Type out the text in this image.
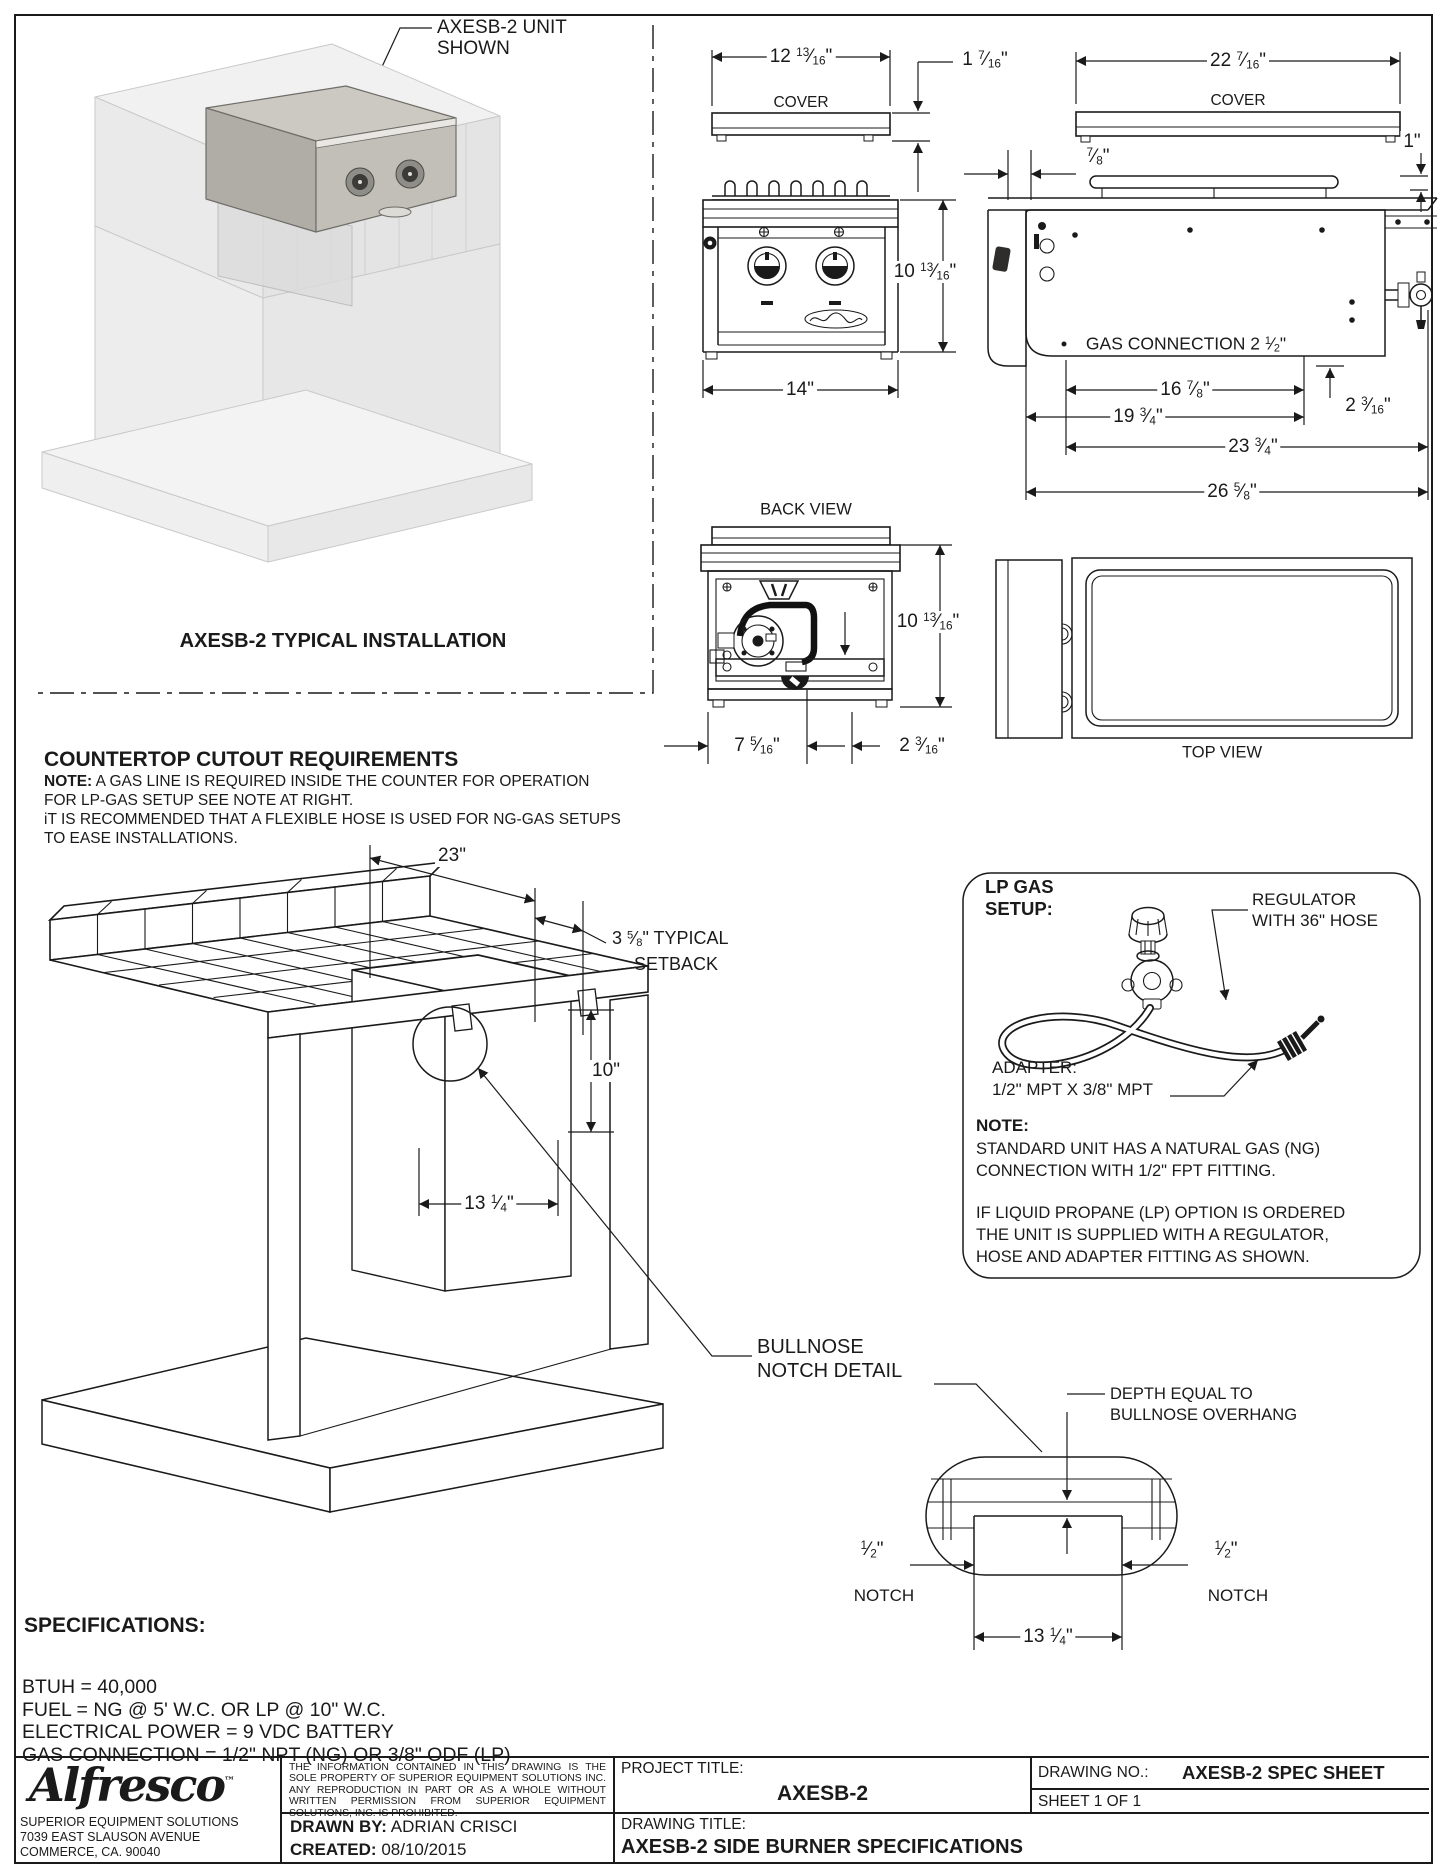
AXESB-2 UNIT
SHOWN
AXESB-2 TYPICAL INSTALLATION
12 $^{13}⁄_{16}$"
COVER
1 $^7⁄_{16}$"
10 $^{13}⁄_{16}$"
14"
22 $^7⁄_{16}$"
COVER
$^7⁄_8$"
1"
GAS CONNECTION 2 $^1⁄_2$"
16 $^7⁄_8$"
19 $^3⁄_4$"
23 $^3⁄_4$"
26 $^5⁄_8$"
2 $^3⁄_{16}$"
BACK VIEW
10 $^{13}⁄_{16}$"
7 $^5⁄_{16}$"	2 $^3⁄_{16}$"	TOP VIEW
COUNTERTOP CUTOUT REQUIREMENTS
NOTE: A GAS LINE IS REQUIRED INSIDE THE COUNTER FOR OPERATION
FOR LP-GAS SETUP SEE NOTE AT RIGHT.
iT IS RECOMMENDED THAT A FLEXIBLE HOSE IS USED FOR NG-GAS SETUPS
TO EASE INSTALLATIONS.
23"
3 $^5⁄_8$" TYPICAL
SETBACK
10"
13 $^1⁄_4$"
BULLNOSE
NOTCH DETAIL
LP GAS
SETUP:	REGULATOR
WITH 36" HOSE
ADAPTER:
1/2" MPT X 3/8" MPT
NOTE:
STANDARD UNIT HAS A NATURAL GAS (NG)
CONNECTION WITH 1/2" FPT FITTING.
IF LIQUID PROPANE (LP) OPTION IS ORDERED
THE UNIT IS SUPPLIED WITH A REGULATOR,
HOSE AND ADAPTER FITTING AS SHOWN.
DEPTH EQUAL TO
BULLNOSE OVERHANG
$^1⁄_2$"
NOTCH
$^1⁄_2$"
NOTCH
13 $^1⁄_4$"
SPECIFICATIONS:
BTUH = 40,000
FUEL = NG @ 5' W.C. OR LP @ 10" W.C.
ELECTRICAL POWER = 9 VDC BATTERY
GAS CONNECTION = 1/2" NPT (NG) OR 3/8" ODF (LP)
Alfresco™
SUPERIOR EQUIPMENT SOLUTIONS
7039 EAST SLAUSON AVENUE
COMMERCE, CA. 90040
THE INFORMATION CONTAINED IN THIS DRAWING IS THE SOLE PROPERTY OF SUPERIOR EQUIPMENT SOLUTIONS INC. ANY REPRODUCTION IN PART OR AS A WHOLE WITHOUT WRITTEN PERMISSION FROM SUPERIOR EQUIPMENT SOLUTIONS, INC. IS PROHIBITED.
DRAWN BY: ADRIAN CRISCI
CREATED: 08/10/2015
PROJECT TITLE:
AXESB-2
DRAWING NO.: AXESB-2 SPEC SHEET
SHEET 1 OF 1
DRAWING TITLE:
AXESB-2 SIDE BURNER SPECIFICATIONS
